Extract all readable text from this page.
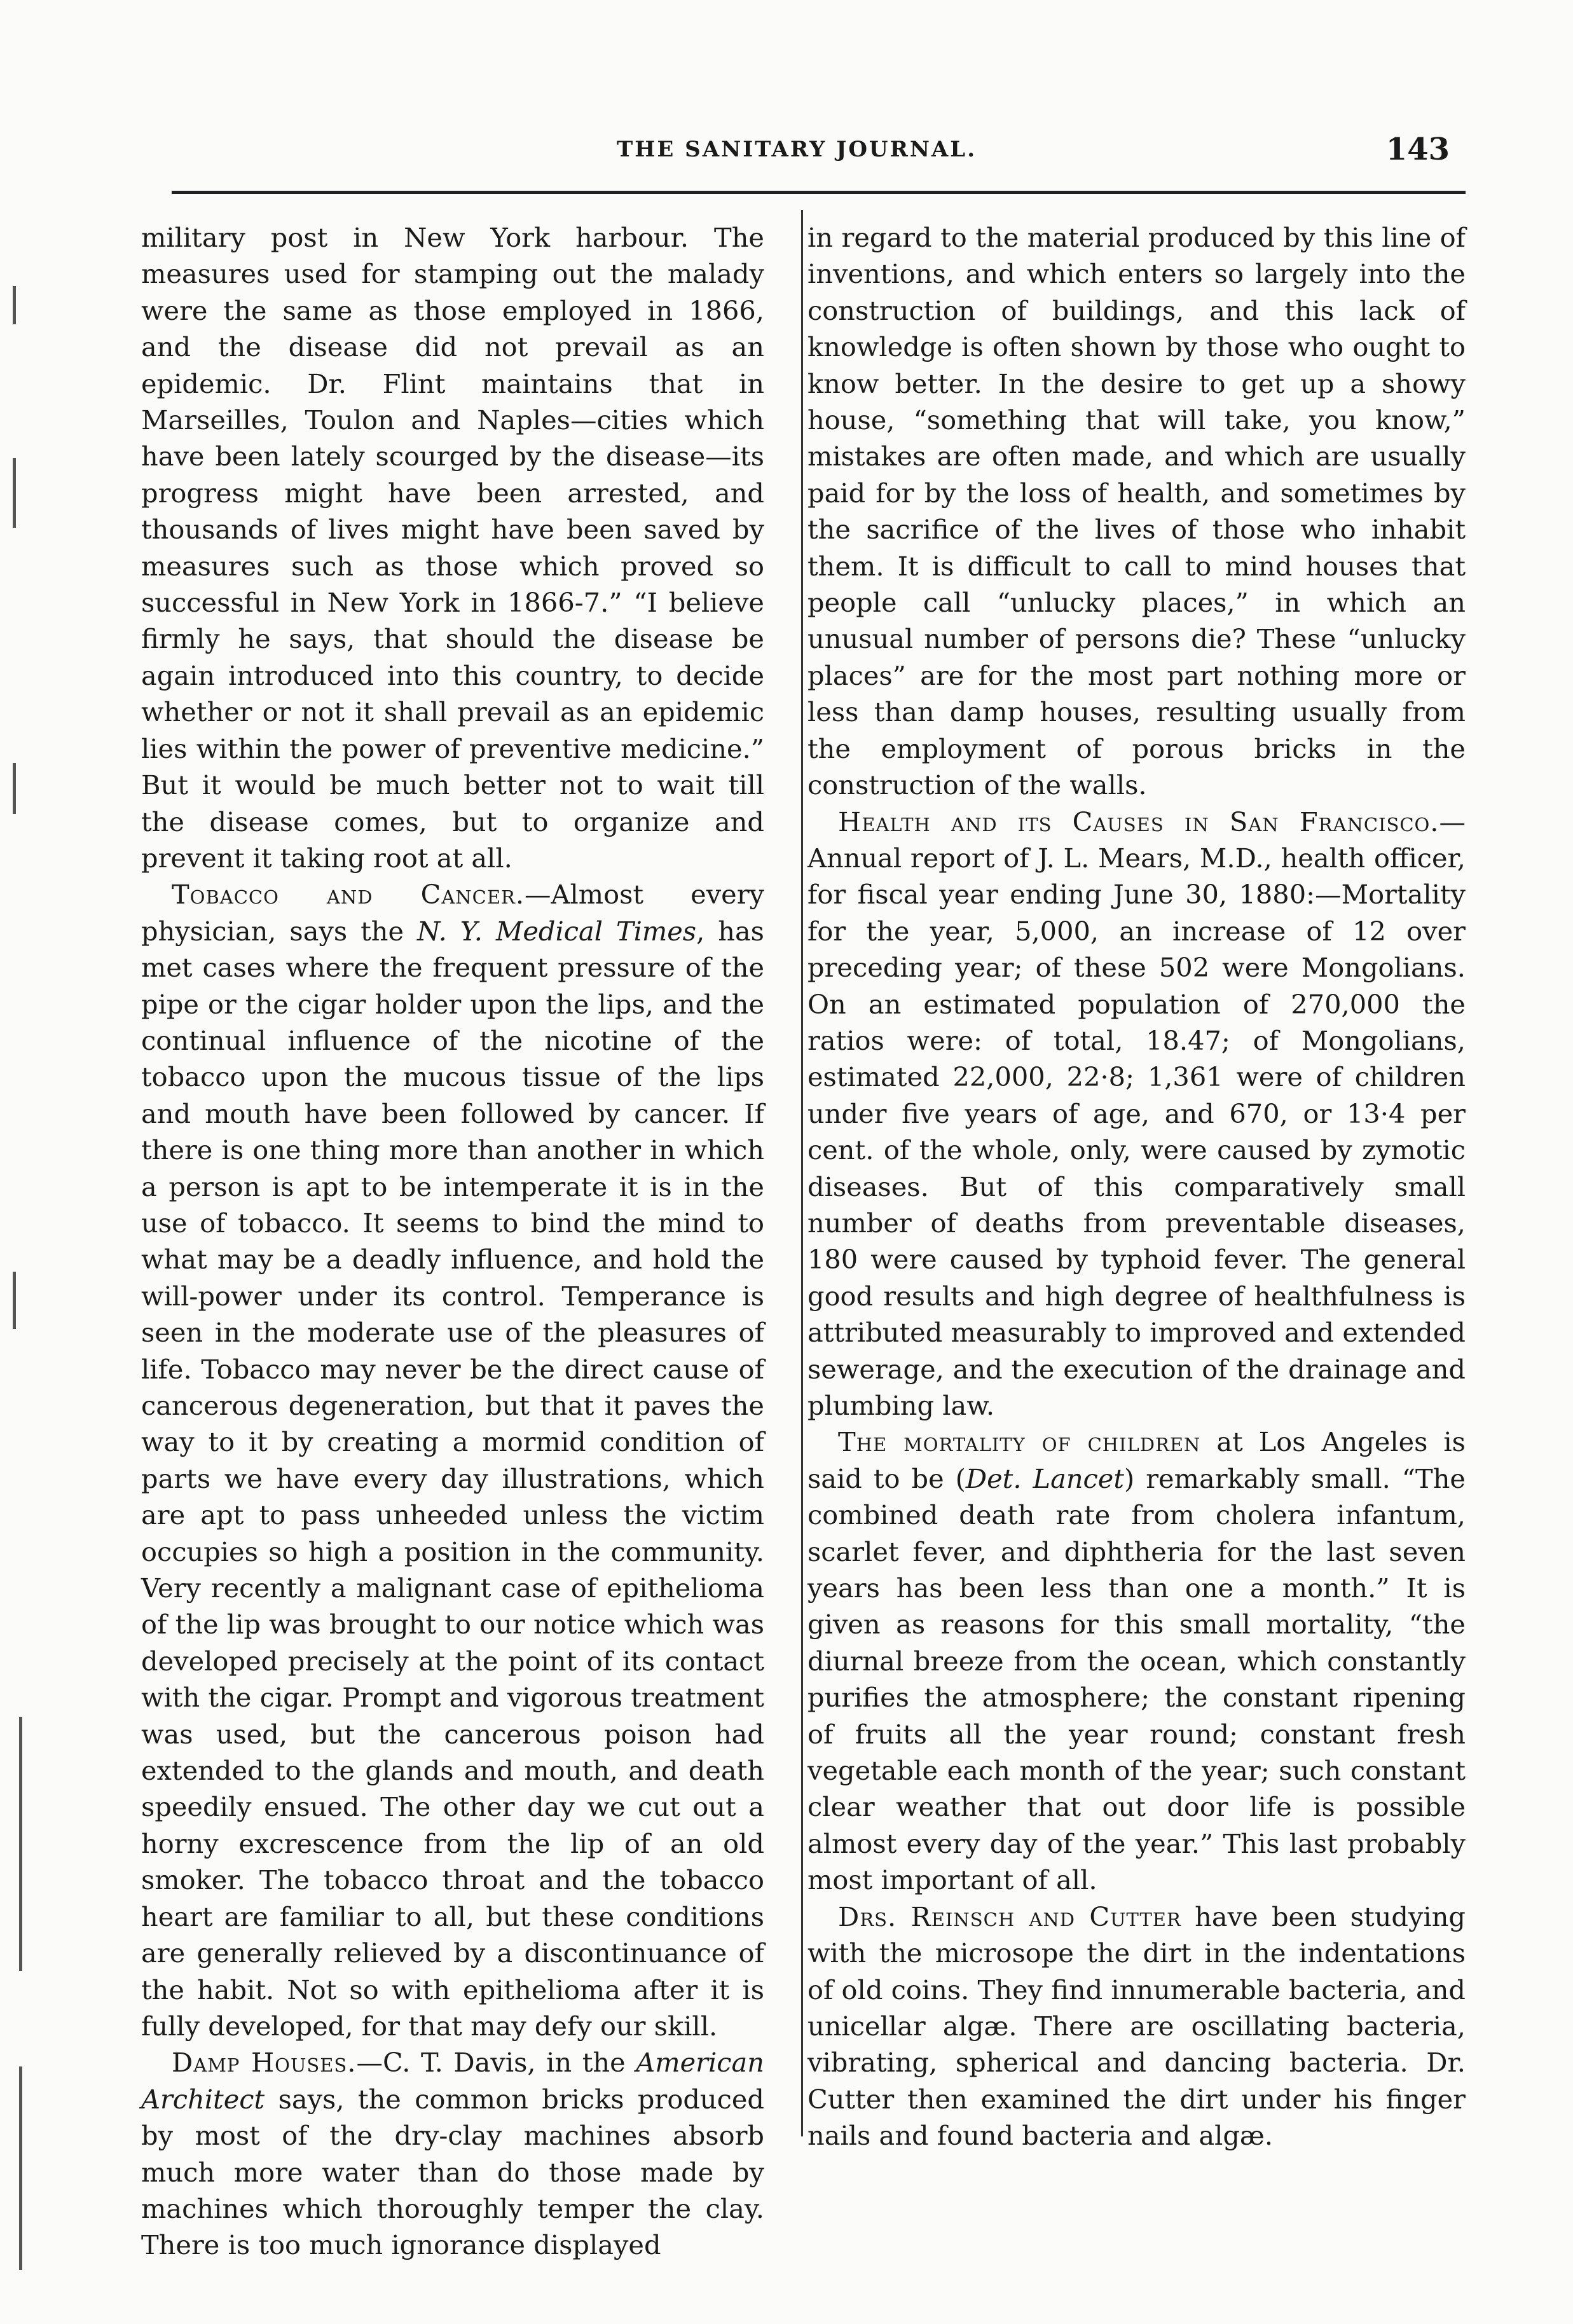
THE SANITARY JOURNAL.	143

military post in New York harbour. The measures used for stamping out the malady were the same as those employed in 1866, and the disease did not prevail as an epidemic. Dr. Flint maintains that in Marseilles, Toulon and Naples—cities which have been lately scourged by the disease—its progress might have been arrested, and thousands of lives might have been saved by measures such as those which proved so successful in New York in 1866-7.” “I believe firmly he says, that should the disease be again introduced into this country, to decide whether or not it shall prevail as an epidemic lies within the power of preventive medicine.” But it would be much better not to wait till the disease comes, but to organize and prevent it taking root at all.

Tobacco and Cancer.—Almost every physician, says the N. Y. Medical Times, has met cases where the frequent pressure of the pipe or the cigar holder upon the lips, and the continual influence of the nicotine of the tobacco upon the mucous tissue of the lips and mouth have been followed by cancer. If there is one thing more than another in which a person is apt to be intemperate it is in the use of tobacco. It seems to bind the mind to what may be a deadly influence, and hold the will-power under its control. Temperance is seen in the moderate use of the pleasures of life. Tobacco may never be the direct cause of cancerous degeneration, but that it paves the way to it by creating a mormid condition of parts we have every day illustrations, which are apt to pass unheeded unless the victim occupies so high a position in the community. Very recently a malignant case of epithelioma of the lip was brought to our notice which was developed precisely at the point of its contact with the cigar. Prompt and vigorous treatment was used, but the cancerous poison had extended to the glands and mouth, and death speedily ensued. The other day we cut out a horny excrescence from the lip of an old smoker. The tobacco throat and the tobacco heart are familiar to all, but these conditions are generally relieved by a discontinuance of the habit. Not so with epithelioma after it is fully developed, for that may defy our skill.

Damp Houses.—C. T. Davis, in the American Architect says, the common bricks produced by most of the dry-clay machines absorb much more water than do those made by machines which thoroughly temper the clay. There is too much ignorance displayed

in regard to the material produced by this line of inventions, and which enters so largely into the construction of buildings, and this lack of knowledge is often shown by those who ought to know better. In the desire to get up a showy house, “something that will take, you know,” mistakes are often made, and which are usually paid for by the loss of health, and sometimes by the sacrifice of the lives of those who inhabit them. It is difficult to call to mind houses that people call “unlucky places,” in which an unusual number of persons die? These “unlucky places” are for the most part nothing more or less than damp houses, resulting usually from the employment of porous bricks in the construction of the walls.

Health and its Causes in San Francisco.—Annual report of J. L. Mears, M.D., health officer, for fiscal year ending June 30, 1880:—Mortality for the year, 5,000, an increase of 12 over preceding year; of these 502 were Mongolians. On an estimated population of 270,000 the ratios were: of total, 18.47; of Mongolians, estimated 22,000, 22·8; 1,361 were of children under five years of age, and 670, or 13·4 per cent. of the whole, only, were caused by zymotic diseases. But of this comparatively small number of deaths from preventable diseases, 180 were caused by typhoid fever. The general good results and high degree of healthfulness is attributed measurably to improved and extended sewerage, and the execution of the drainage and plumbing law.

The mortality of children at Los Angeles is said to be (Det. Lancet) remarkably small. “The combined death rate from cholera infantum, scarlet fever, and diphtheria for the last seven years has been less than one a month.” It is given as reasons for this small mortality, “the diurnal breeze from the ocean, which constantly purifies the atmosphere; the constant ripening of fruits all the year round; constant fresh vegetable each month of the year; such constant clear weather that out door life is possible almost every day of the year.” This last probably most important of all.

Drs. Reinsch and Cutter have been studying with the microsope the dirt in the indentations of old coins. They find innumerable bacteria, and unicellar algæ. There are oscillating bacteria, vibrating, spherical and dancing bacteria. Dr. Cutter then examined the dirt under his finger nails and found bacteria and algæ.
